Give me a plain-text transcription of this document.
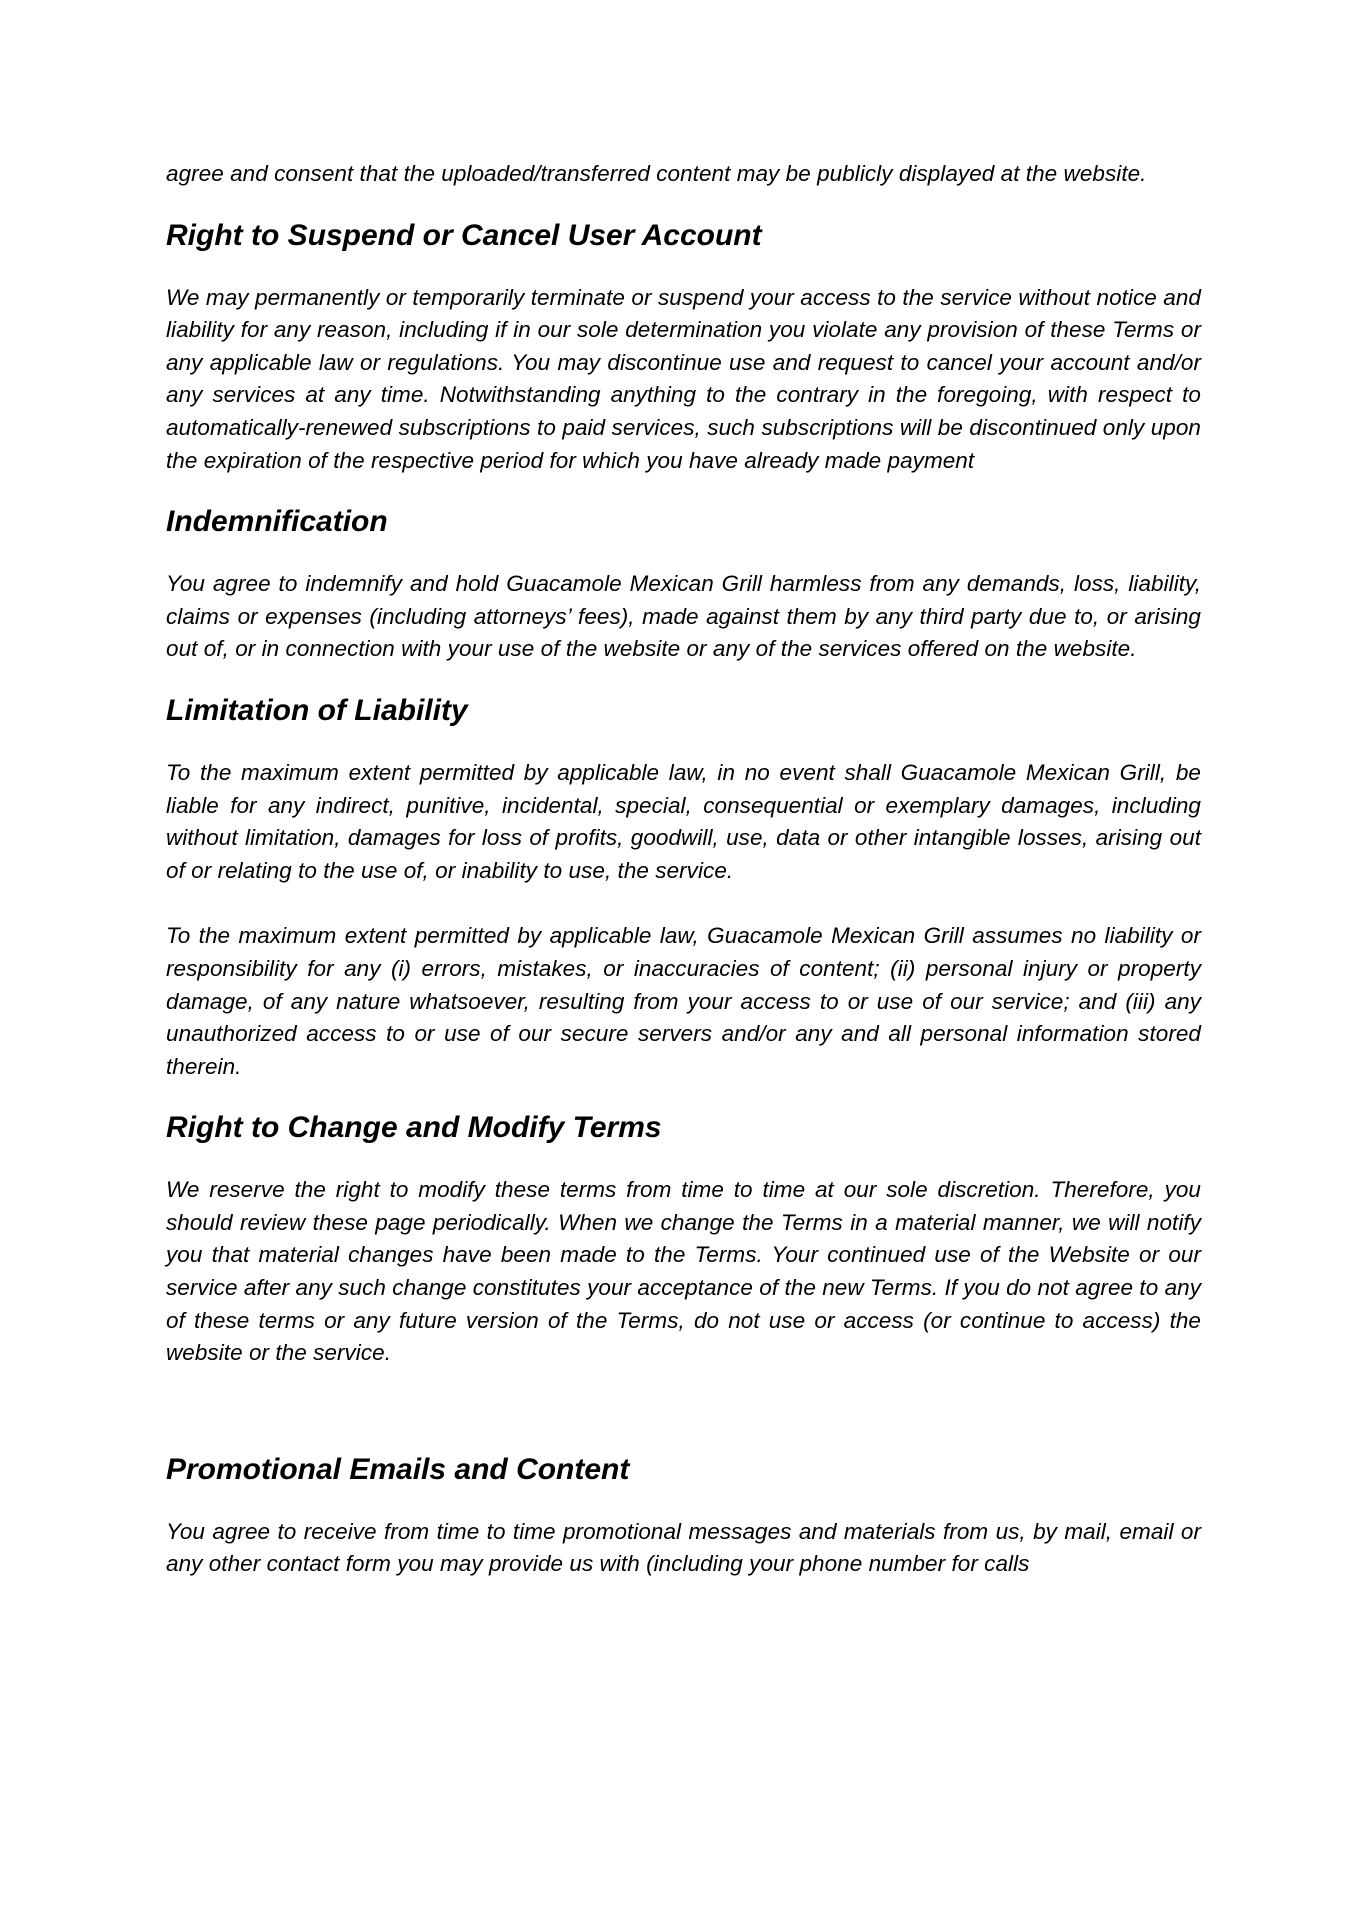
agree and consent that the uploaded/transferred content may be publicly displayed at the website.

Right to Suspend or Cancel User Account

We may permanently or temporarily terminate or suspend your access to the service without notice and liability for any reason, including if in our sole determination you violate any provision of these Terms or any applicable law or regulations. You may discontinue use and request to cancel your account and/or any services at any time. Notwithstanding anything to the contrary in the foregoing, with respect to automatically-renewed subscriptions to paid services, such subscriptions will be discontinued only upon the expiration of the respective period for which you have already made payment

Indemnification

You agree to indemnify and hold Guacamole Mexican Grill harmless from any demands, loss, liability, claims or expenses (including attorneys’ fees), made against them by any third party due to, or arising out of, or in connection with your use of the website or any of the services offered on the website.

Limitation of Liability

To the maximum extent permitted by applicable law, in no event shall Guacamole Mexican Grill, be liable for any indirect, punitive, incidental, special, consequential or exemplary damages, including without limitation, damages for loss of profits, goodwill, use, data or other intangible losses, arising out of or relating to the use of, or inability to use, the service.

To the maximum extent permitted by applicable law, Guacamole Mexican Grill assumes no liability or responsibility for any (i) errors, mistakes, or inaccuracies of content; (ii) personal injury or property damage, of any nature whatsoever, resulting from your access to or use of our service; and (iii) any unauthorized access to or use of our secure servers and/or any and all personal information stored therein.

Right to Change and Modify Terms

We reserve the right to modify these terms from time to time at our sole discretion. Therefore, you should review these page periodically. When we change the Terms in a material manner, we will notify you that material changes have been made to the Terms. Your continued use of the Website or our service after any such change constitutes your acceptance of the new Terms. If you do not agree to any of these terms or any future version of the Terms, do not use or access (or continue to access) the website or the service.

Promotional Emails and Content

You agree to receive from time to time promotional messages and materials from us, by mail, email or any other contact form you may provide us with (including your phone number for calls
